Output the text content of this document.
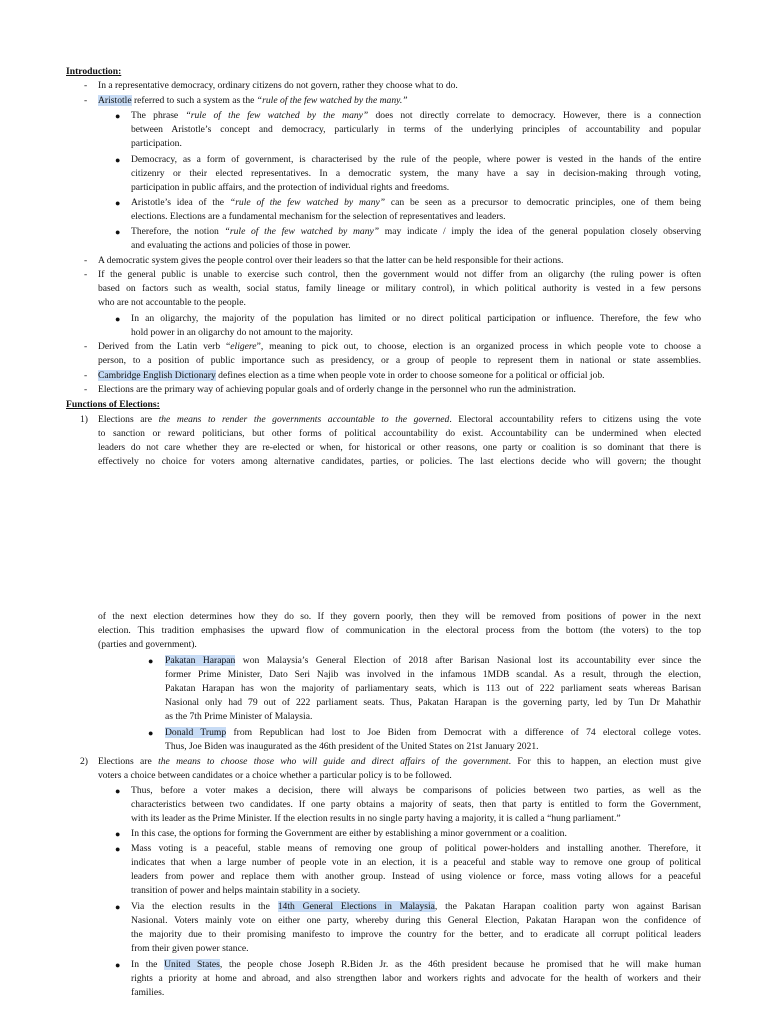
Introduction:
- In a representative democracy, ordinary citizens do not govern, rather they choose what to do.
- Aristotle referred to such a system as the “rule of the few watched by the many.”
● The phrase “rule of the few watched by the many” does not directly correlate to democracy. However, there is a connection
between Aristotle’s concept and democracy, particularly in terms of the underlying principles of accountability and popular
participation.
● Democracy, as a form of government, is characterised by the rule of the people, where power is vested in the hands of the entire
citizenry or their elected representatives. In a democratic system, the many have a say in decision-making through voting,
participation in public affairs, and the protection of individual rights and freedoms.
● Aristotle’s idea of the “rule of the few watched by many” can be seen as a precursor to democratic principles, one of them being
elections. Elections are a fundamental mechanism for the selection of representatives and leaders.
● Therefore, the notion “rule of the few watched by many” may indicate / imply the idea of the general population closely observing
and evaluating the actions and policies of those in power.
- A democratic system gives the people control over their leaders so that the latter can be held responsible for their actions.
- If the general public is unable to exercise such control, then the government would not differ from an oligarchy (the ruling power is often
based on factors such as wealth, social status, family lineage or military control), in which political authority is vested in a few persons
who are not accountable to the people.
● In an oligarchy, the majority of the population has limited or no direct political participation or influence. Therefore, the few who
hold power in an oligarchy do not amount to the majority.
- Derived from the Latin verb “eligere”, meaning to pick out, to choose, election is an organized process in which people vote to choose a
person, to a position of public importance such as presidency, or a group of people to represent them in national or state assemblies.
- Cambridge English Dictionary defines election as a time when people vote in order to choose someone for a political or official job.
- Elections are the primary way of achieving popular goals and of orderly change in the personnel who run the administration.
Functions of Elections:
1) Elections are the means to render the governments accountable to the governed. Electoral accountability refers to citizens using the vote
to sanction or reward politicians, but other forms of political accountability do exist. Accountability can be undermined when elected
leaders do not care whether they are re-elected or when, for historical or other reasons, one party or coalition is so dominant that there is
effectively no choice for voters among alternative candidates, parties, or policies. The last elections decide who will govern; the thought
of the next election determines how they do so. If they govern poorly, then they will be removed from positions of power in the next
election. This tradition emphasises the upward flow of communication in the electoral process from the bottom (the voters) to the top
(parties and government).
● Pakatan Harapan won Malaysia’s General Election of 2018 after Barisan Nasional lost its accountability ever since the
former Prime Minister, Dato Seri Najib was involved in the infamous 1MDB scandal. As a result, through the election,
Pakatan Harapan has won the majority of parliamentary seats, which is 113 out of 222 parliament seats whereas Barisan
Nasional only had 79 out of 222 parliament seats. Thus, Pakatan Harapan is the governing party, led by Tun Dr Mahathir
as the 7th Prime Minister of Malaysia.
● Donald Trump from Republican had lost to Joe Biden from Democrat with a difference of 74 electoral college votes.
Thus, Joe Biden was inaugurated as the 46th president of the United States on 21st January 2021.
2) Elections are the means to choose those who will guide and direct affairs of the government. For this to happen, an election must give
voters a choice between candidates or a choice whether a particular policy is to be followed.
● Thus, before a voter makes a decision, there will always be comparisons of policies between two parties, as well as the
characteristics between two candidates. If one party obtains a majority of seats, then that party is entitled to form the Government,
with its leader as the Prime Minister. If the election results in no single party having a majority, it is called a “hung parliament.”
● In this case, the options for forming the Government are either by establishing a minor government or a coalition.
● Mass voting is a peaceful, stable means of removing one group of political power-holders and installing another. Therefore, it
indicates that when a large number of people vote in an election, it is a peaceful and stable way to remove one group of political
leaders from power and replace them with another group. Instead of using violence or force, mass voting allows for a peaceful
transition of power and helps maintain stability in a society.
● Via the election results in the 14th General Elections in Malaysia, the Pakatan Harapan coalition party won against Barisan
Nasional. Voters mainly vote on either one party, whereby during this General Election, Pakatan Harapan won the confidence of
the majority due to their promising manifesto to improve the country for the better, and to eradicate all corrupt political leaders
from their given power stance.
● In the United States, the people chose Joseph R.Biden Jr. as the 46th president because he promised that he will make human
rights a priority at home and abroad, and also strengthen labor and workers rights and advocate for the health of workers and their
families.
